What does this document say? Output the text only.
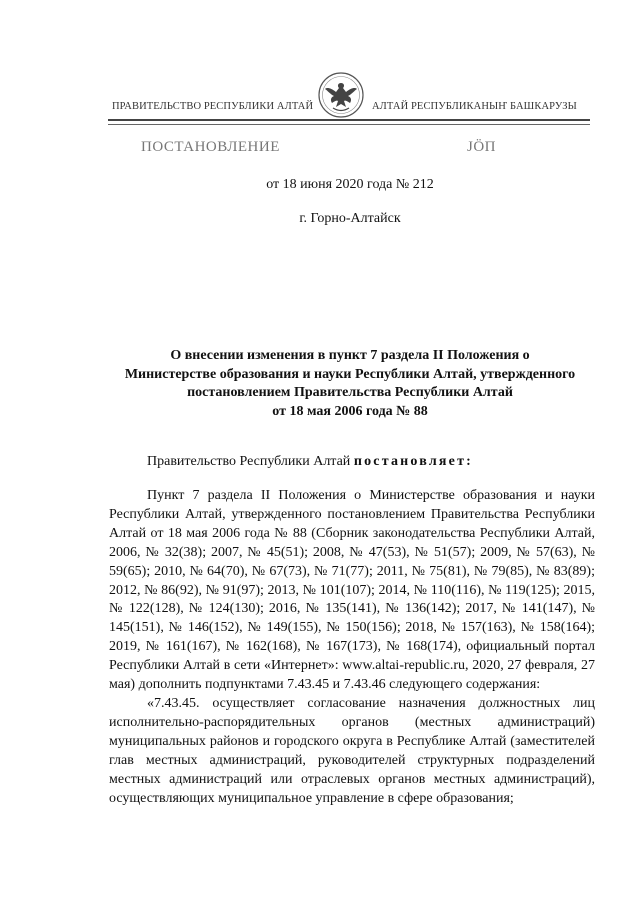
ПРАВИТЕЛЬСТВО РЕСПУБЛИКИ АЛТАЙ	АЛТАЙ РЕСПУБЛИКАНЫҤ БАШКАРУЗЫ
ПОСТАНОВЛЕНИЕ	ЈӦП
от 18 июня 2020 года № 212
г. Горно-Алтайск
О внесении изменения в пункт 7 раздела II Положения о
Министерстве образования и науки Республики Алтай, утвержденного
постановлением Правительства Республики Алтай
от 18 мая 2006 года № 88
Правительство Республики Алтай постановляет:

Пункт 7 раздела II Положения о Министерстве образования и науки Республики Алтай, утвержденного постановлением Правительства Республики Алтай от 18 мая 2006 года № 88 (Сборник законодательства Республики Алтай, 2006, № 32(38); 2007, № 45(51); 2008, № 47(53), № 51(57); 2009, № 57(63), № 59(65); 2010, № 64(70), № 67(73), № 71(77); 2011, № 75(81), № 79(85), № 83(89); 2012, № 86(92), № 91(97); 2013, № 101(107); 2014, № 110(116), № 119(125); 2015, № 122(128), № 124(130); 2016, № 135(141), № 136(142); 2017, № 141(147), № 145(151), № 146(152), № 149(155), № 150(156); 2018, № 157(163), № 158(164); 2019, № 161(167), № 162(168), № 167(173), № 168(174), официальный портал Республики Алтай в сети «Интернет»: www.altai-republic.ru, 2020, 27 февраля, 27 мая) дополнить подпунктами 7.43.45 и 7.43.46 следующего содержания:

«7.43.45. осуществляет согласование назначения должностных лиц исполнительно-распорядительных органов (местных администраций) муниципальных районов и городского округа в Республике Алтай (заместителей глав местных администраций, руководителей структурных подразделений местных администраций или отраслевых органов местных администраций), осуществляющих муниципальное управление в сфере образования;
